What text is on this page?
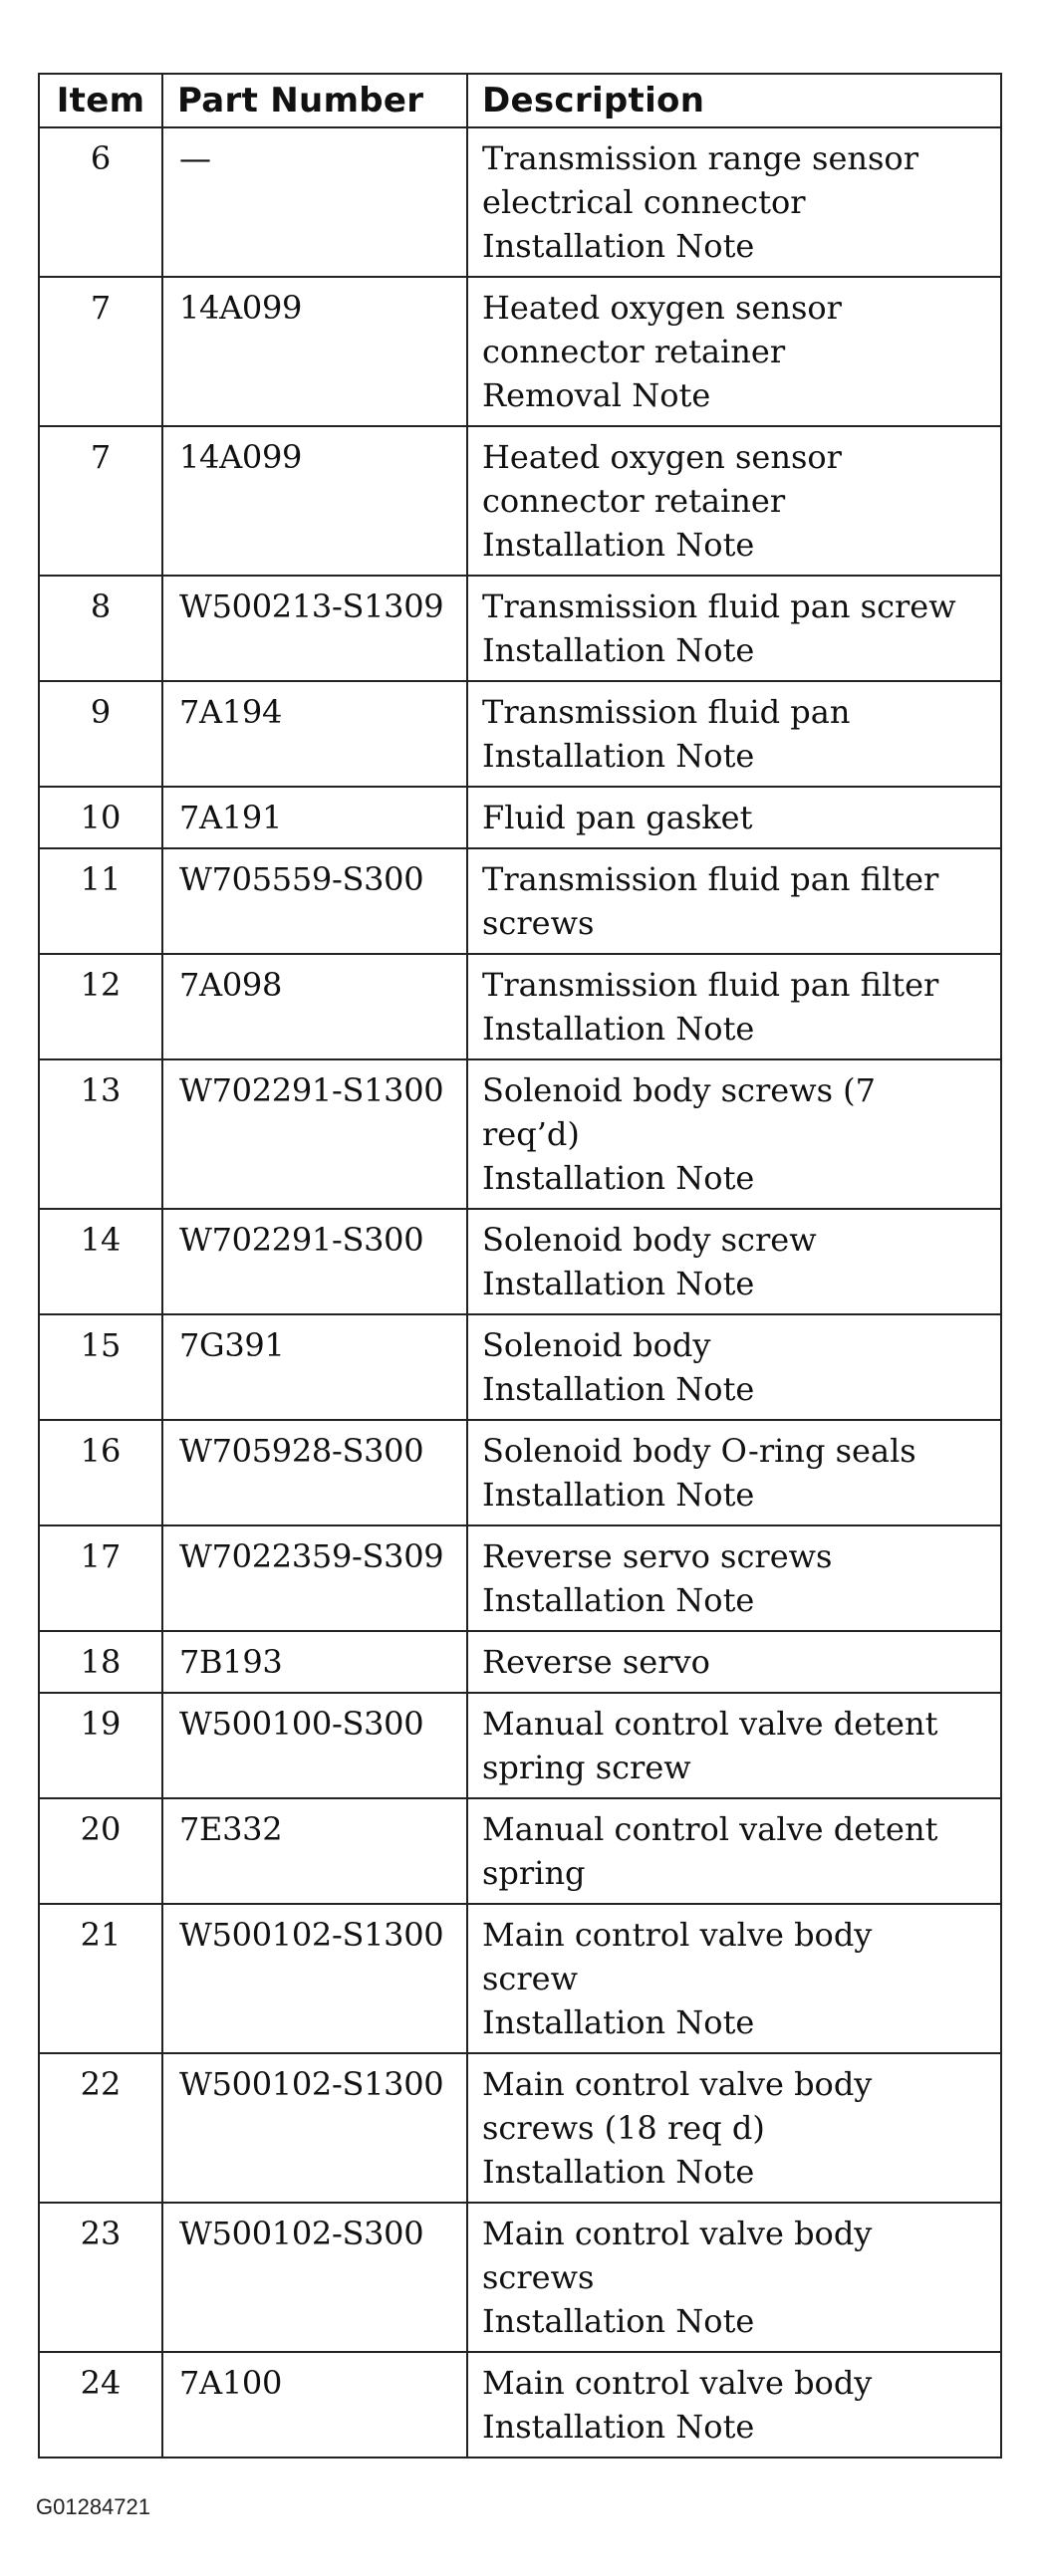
Item	Part Number	Description
6	—	Transmission range sensor
electrical connector
Installation Note

7	14A099	Heated oxygen sensor
connector retainer
Removal Note

7	14A099	Heated oxygen sensor
connector retainer
Installation Note

8	W500213-S1309	Transmission fluid pan screw
Installation Note

9	7A194	Transmission fluid pan
Installation Note

10	7A191	Fluid pan gasket

11	W705559-S300	Transmission fluid pan filter
screws

12	7A098	Transmission fluid pan filter
Installation Note

13	W702291-S1300	Solenoid body screws (7
req’d)
Installation Note

14	W702291-S300	Solenoid body screw
Installation Note

15	7G391	Solenoid body
Installation Note

16	W705928-S300	Solenoid body O-ring seals
Installation Note

17	W7022359-S309	Reverse servo screws
Installation Note

18	7B193	Reverse servo

19	W500100-S300	Manual control valve detent
spring screw

20	7E332	Manual control valve detent
spring

21	W500102-S1300	Main control valve body
screw
Installation Note

22	W500102-S1300	Main control valve body
screws (18 req d)
Installation Note

23	W500102-S300	Main control valve body
screws
Installation Note

24	7A100	Main control valve body
Installation Note
G01284721
